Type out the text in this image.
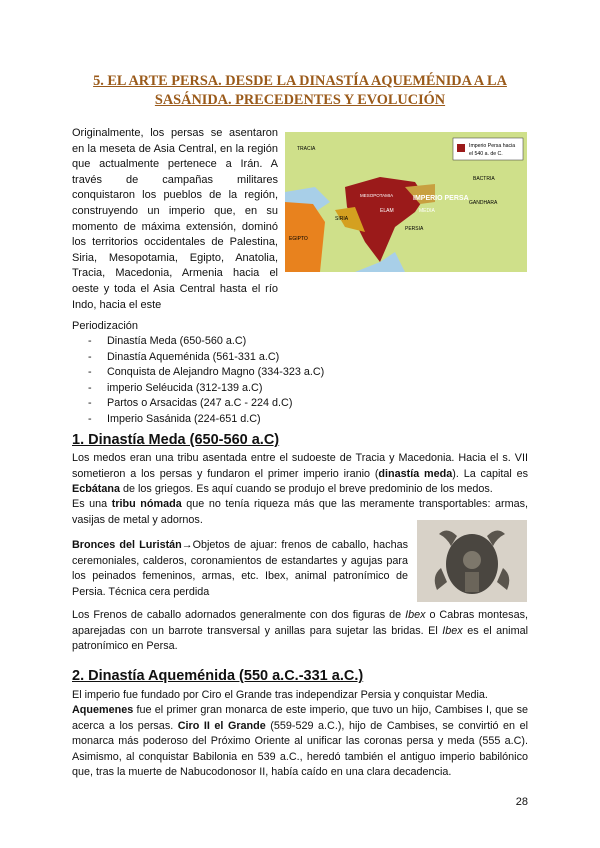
5. EL ARTE PERSA. DESDE LA DINASTÍA AQUEMÉNIDA A LA SASÁNIDA. PRECEDENTES Y EVOLUCIÓN
Originalmente, los persas se asentaron en la meseta de Asia Central, en la región que actualmente pertenece a Irán. A través de campañas militares conquistaron los pueblos de la región, construyendo un imperio que, en su momento de máxima extensión, dominó los territorios occidentales de Palestina, Siria, Mesopotamia, Egipto, Anatolia, Tracia, Macedonia, Armenia hacia el oeste y toda el Asia Central hasta el río Indo, hacia el este
Imperio Persa hacia
el 540 a. de C.
TRACIA
EGIPTO
IMPERIO PERSA
MEDIA
BACTRIA
GANDHARA
SIRIA
PERSIA
MESOPOTAMIA
ELAM
Periodización
- Dinastía Meda (650-560 a.C)
- Dinastía Aqueménida (561-331 a.C)
- Conquista de Alejandro Magno (334-323 a.C)
- imperio Seléucida (312-139 a.C)
- Partos o Arsacidas (247 a.C - 224 d.C)
- Imperio Sasánida (224-651 d.C)
1. Dinastía Meda (650-560 a.C)

Los medos eran una tribu asentada entre el sudoeste de Tracia y Macedonia. Hacia el s. VII sometieron a los persas y fundaron el primer imperio iranio (dinastía meda). La capital es Ecbátana de los griegos. Es aquí cuando se produjo el breve predominio de los medos.

Es una tribu nómada que no tenía riqueza más que las meramente transportables: armas, vasijas de metal y adornos.

Bronces del Luristán→Objetos de ajuar: frenos de caballo, hachas ceremoniales, calderos, coronamientos de estandartes y agujas para los peinados femeninos, armas, etc. Ibex, animal patronímico de Persia. Técnica cera perdida

Los Frenos de caballo adornados generalmente con dos figuras de Ibex o Cabras montesas, aparejadas con un barrote transversal y anillas para sujetar las bridas. El Ibex es el animal patronímico en Persa.

2. Dinastía Aqueménida (550 a.C.-331 a.C.)

El imperio fue fundado por Ciro el Grande tras independizar Persia y conquistar Media.

Aquemenes fue el primer gran monarca de este imperio, que tuvo un hijo, Cambises I, que se acerca a los persas. Ciro II el Grande (559-529 a.C.), hijo de Cambises, se convirtió en el monarca más poderoso del Próximo Oriente al unificar las coronas persa y meda (555 a.C). Asimismo, al conquistar Babilonia en 539 a.C., heredó también el antiguo imperio babilónico que, tras la muerte de Nabucodonosor II, había caído en una clara decadencia.

28
